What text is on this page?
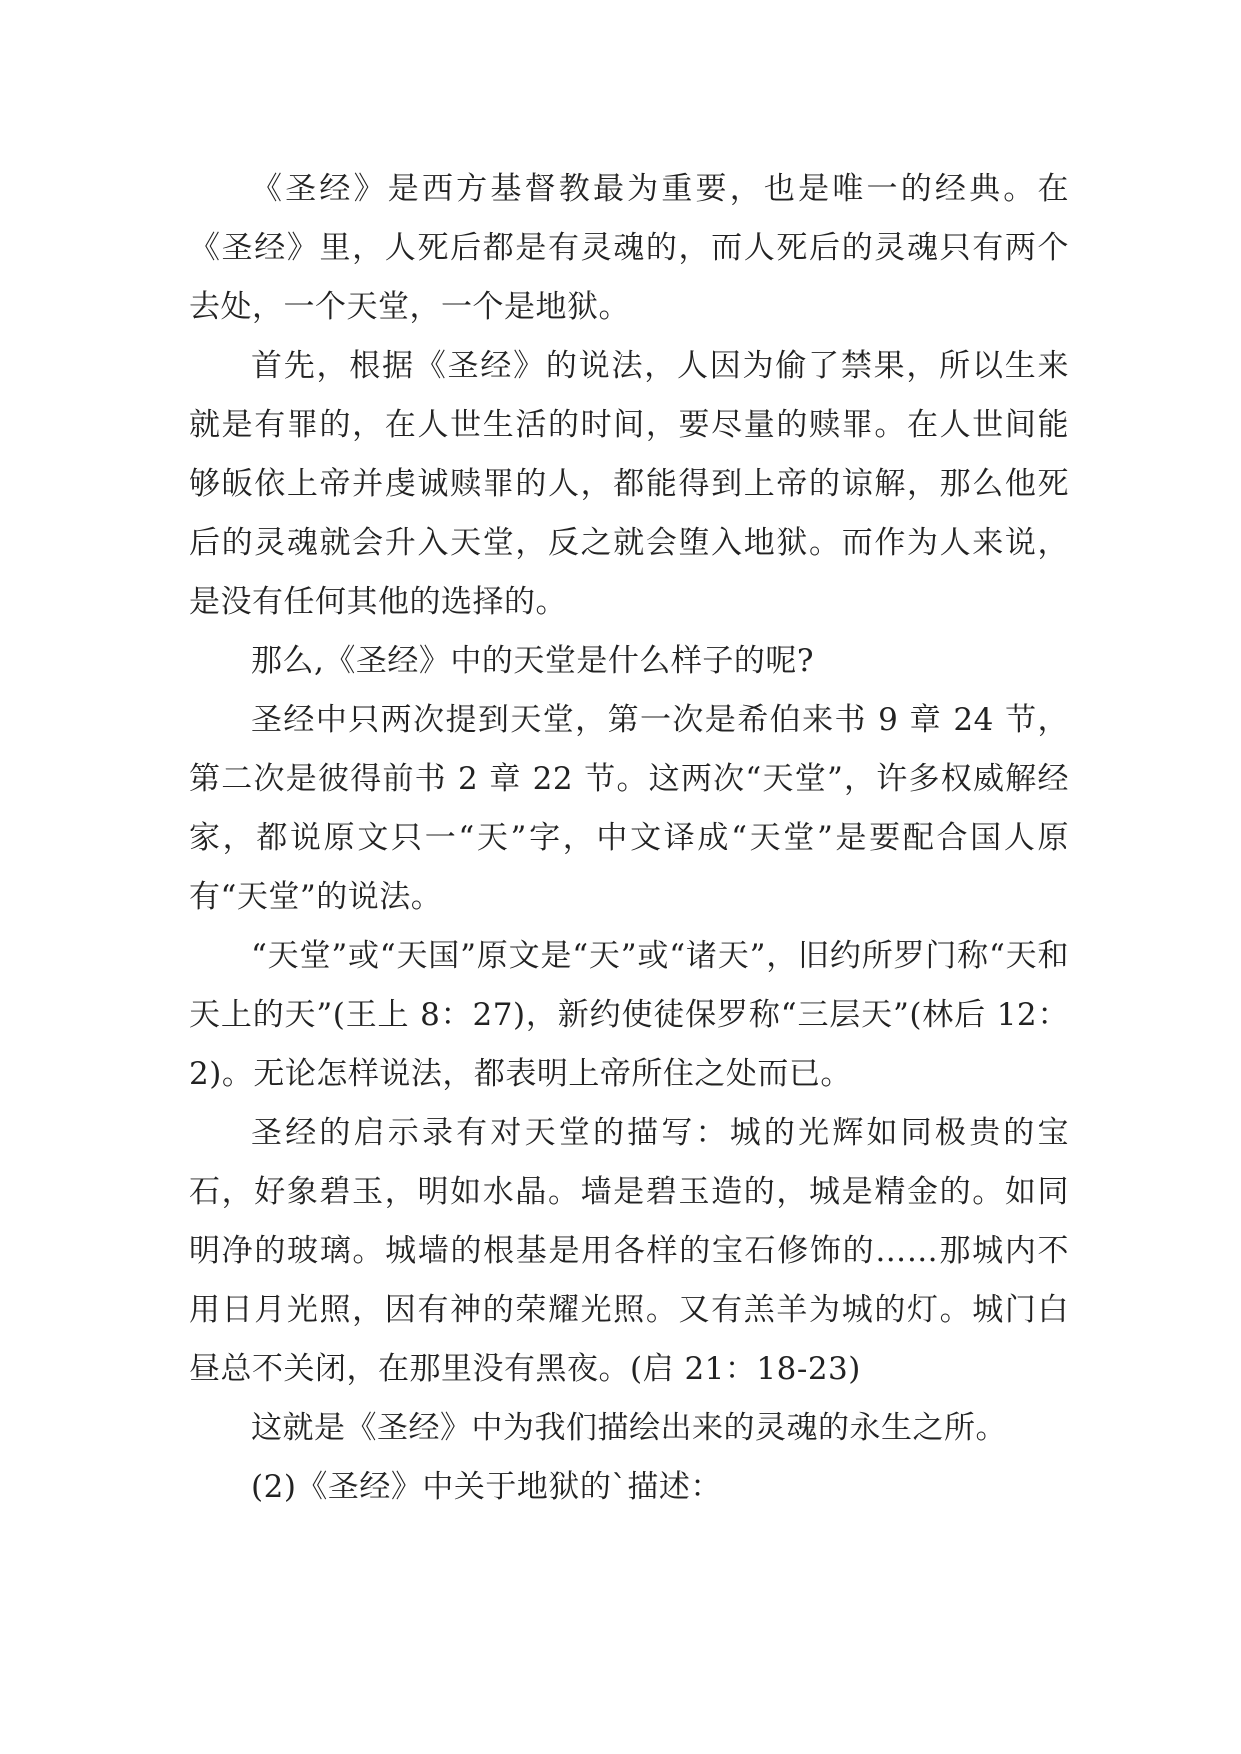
《圣经》是西方基督教最为重要，也是唯一的经典。在《圣经》里，人死后都是有灵魂的，而人死后的灵魂只有两个去处，一个天堂，一个是地狱。

首先，根据《圣经》的说法，人因为偷了禁果，所以生来就是有罪的，在人世生活的时间，要尽量的赎罪。在人世间能够皈依上帝并虔诚赎罪的人，都能得到上帝的谅解，那么他死后的灵魂就会升入天堂，反之就会堕入地狱。而作为人来说，是没有任何其他的选择的。

那么,《圣经》中的天堂是什么样子的呢?

圣经中只两次提到天堂，第一次是希伯来书 9 章 24 节，第二次是彼得前书 2 章 22 节。这两次“天堂”，许多权威解经家，都说原文只一“天”字，中文译成“天堂”是要配合国人原有“天堂”的说法。

“天堂”或“天国”原文是“天”或“诸天”，旧约所罗门称“天和天上的天”(王上 8：27)，新约使徒保罗称“三层天”(林后 12：2)。无论怎样说法，都表明上帝所住之处而已。

圣经的启示录有对天堂的描写：城的光辉如同极贵的宝石，好象碧玉，明如水晶。墙是碧玉造的，城是精金的。如同明净的玻璃。城墙的根基是用各样的宝石修饰的……那城内不用日月光照，因有神的荣耀光照。又有羔羊为城的灯。城门白昼总不关闭，在那里没有黑夜。(启 21：18-23)

这就是《圣经》中为我们描绘出来的灵魂的永生之所。

(2)《圣经》中关于地狱的`描述：
